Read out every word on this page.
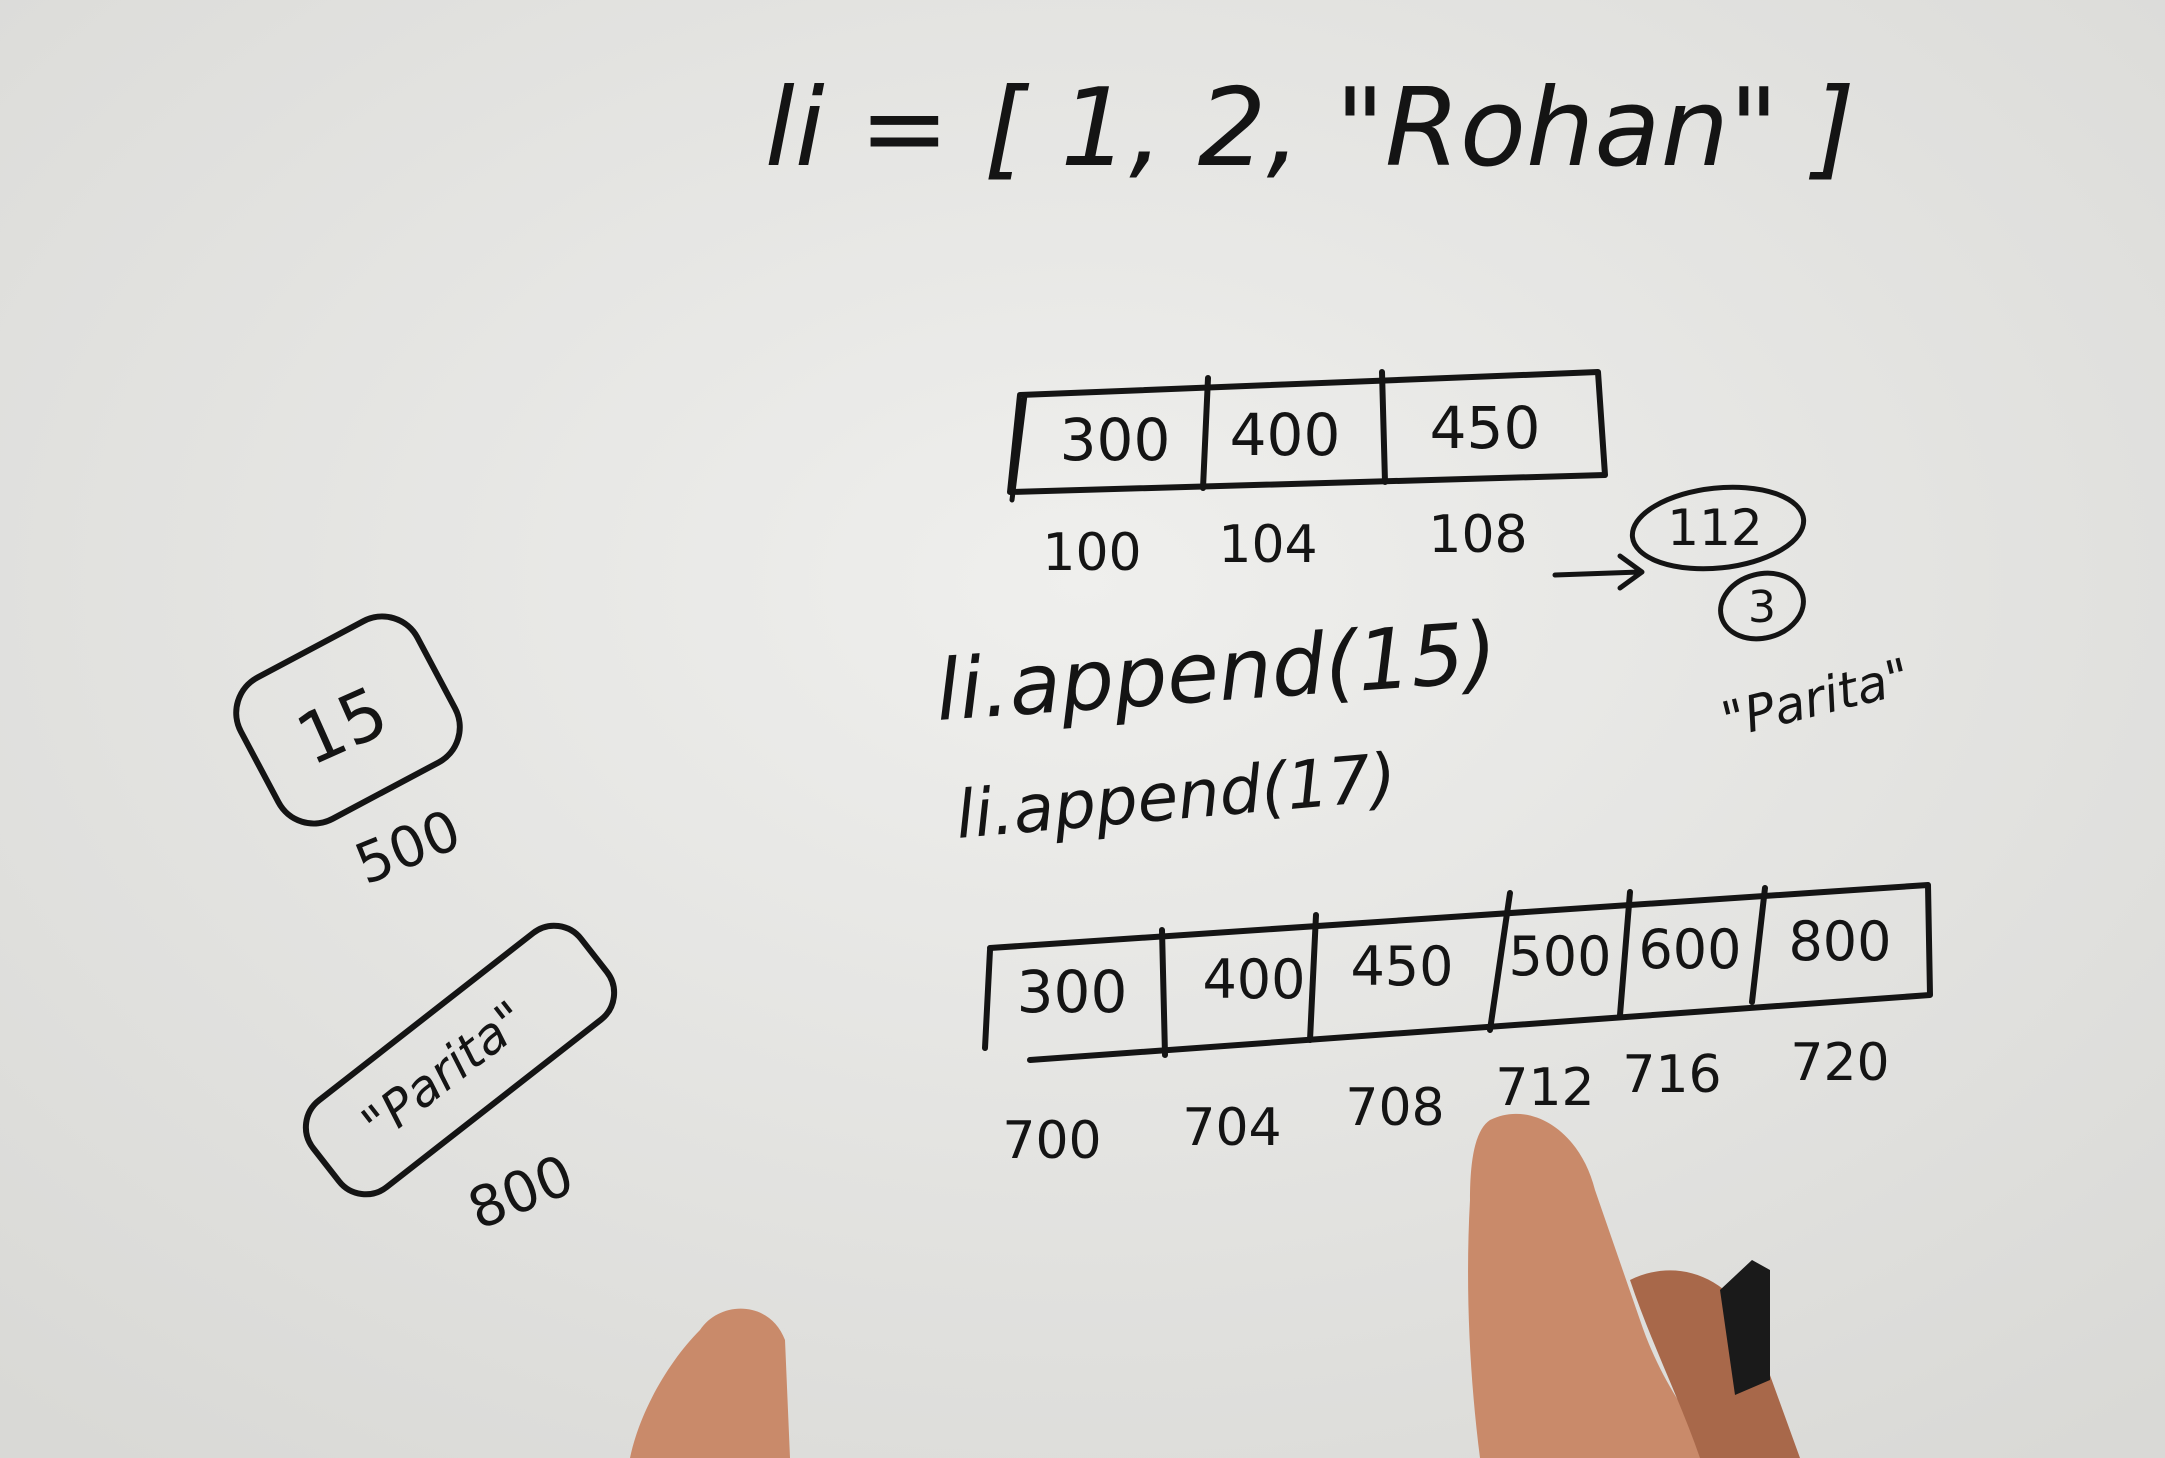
li = [ 1, 2, "Rohan" ]
300 400 450
100 104 108	112
3
"Parita"
li.append(15)
li.append(17)
15
500
"Parita"
800
300 400 450 500 600 800
700 704 708 712 716 720
